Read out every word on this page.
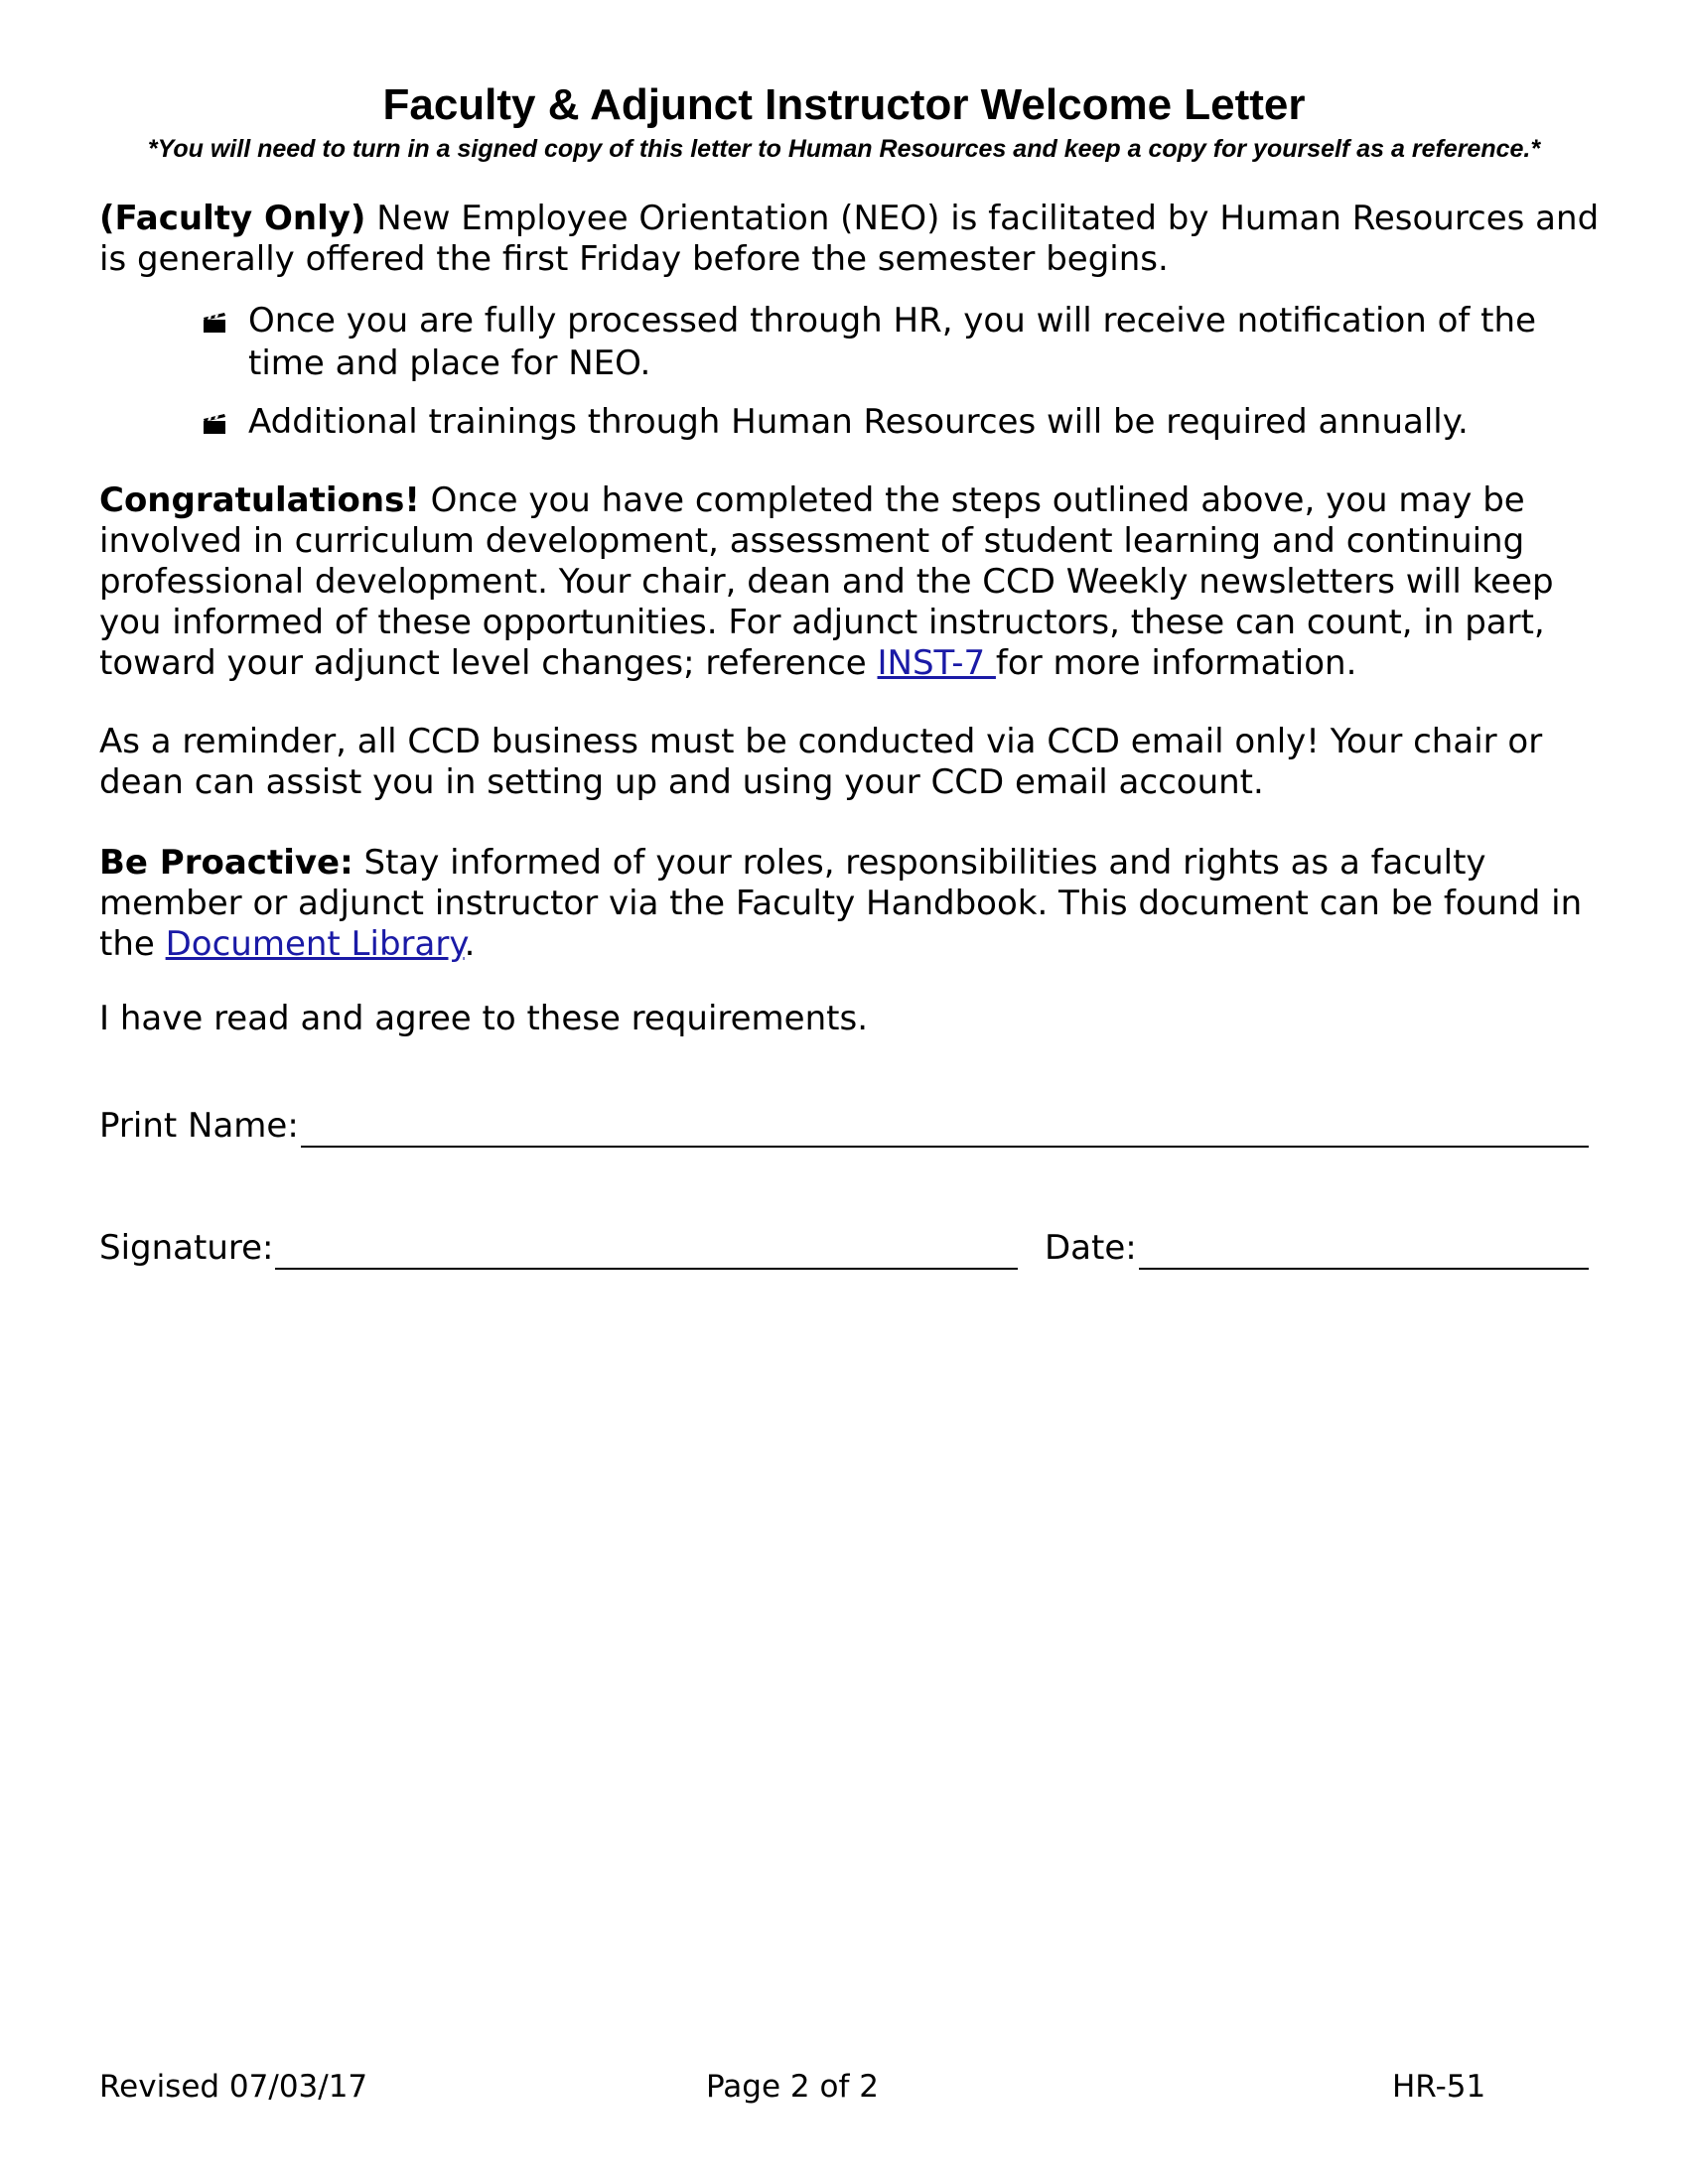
Faculty & Adjunct Instructor Welcome Letter
*You will need to turn in a signed copy of this letter to Human Resources and keep a copy for yourself as a reference.*
(Faculty Only) New Employee Orientation (NEO) is facilitated by Human Resources and is generally offered the first Friday before the semester begins.
Once you are fully processed through HR, you will receive notification of the time and place for NEO.
Additional trainings through Human Resources will be required annually.
Congratulations! Once you have completed the steps outlined above, you may be involved in curriculum development, assessment of student learning and continuing professional development. Your chair, dean and the CCD Weekly newsletters will keep you informed of these opportunities. For adjunct instructors, these can count, in part, toward your adjunct level changes; reference INST-7 for more information.
As a reminder, all CCD business must be conducted via CCD email only! Your chair or dean can assist you in setting up and using your CCD email account.
Be Proactive: Stay informed of your roles, responsibilities and rights as a faculty member or adjunct instructor via the Faculty Handbook. This document can be found in the Document Library.
I have read and agree to these requirements.
Print Name:
Signature:	Date:
Revised 07/03/17	Page 2 of 2	HR-51
